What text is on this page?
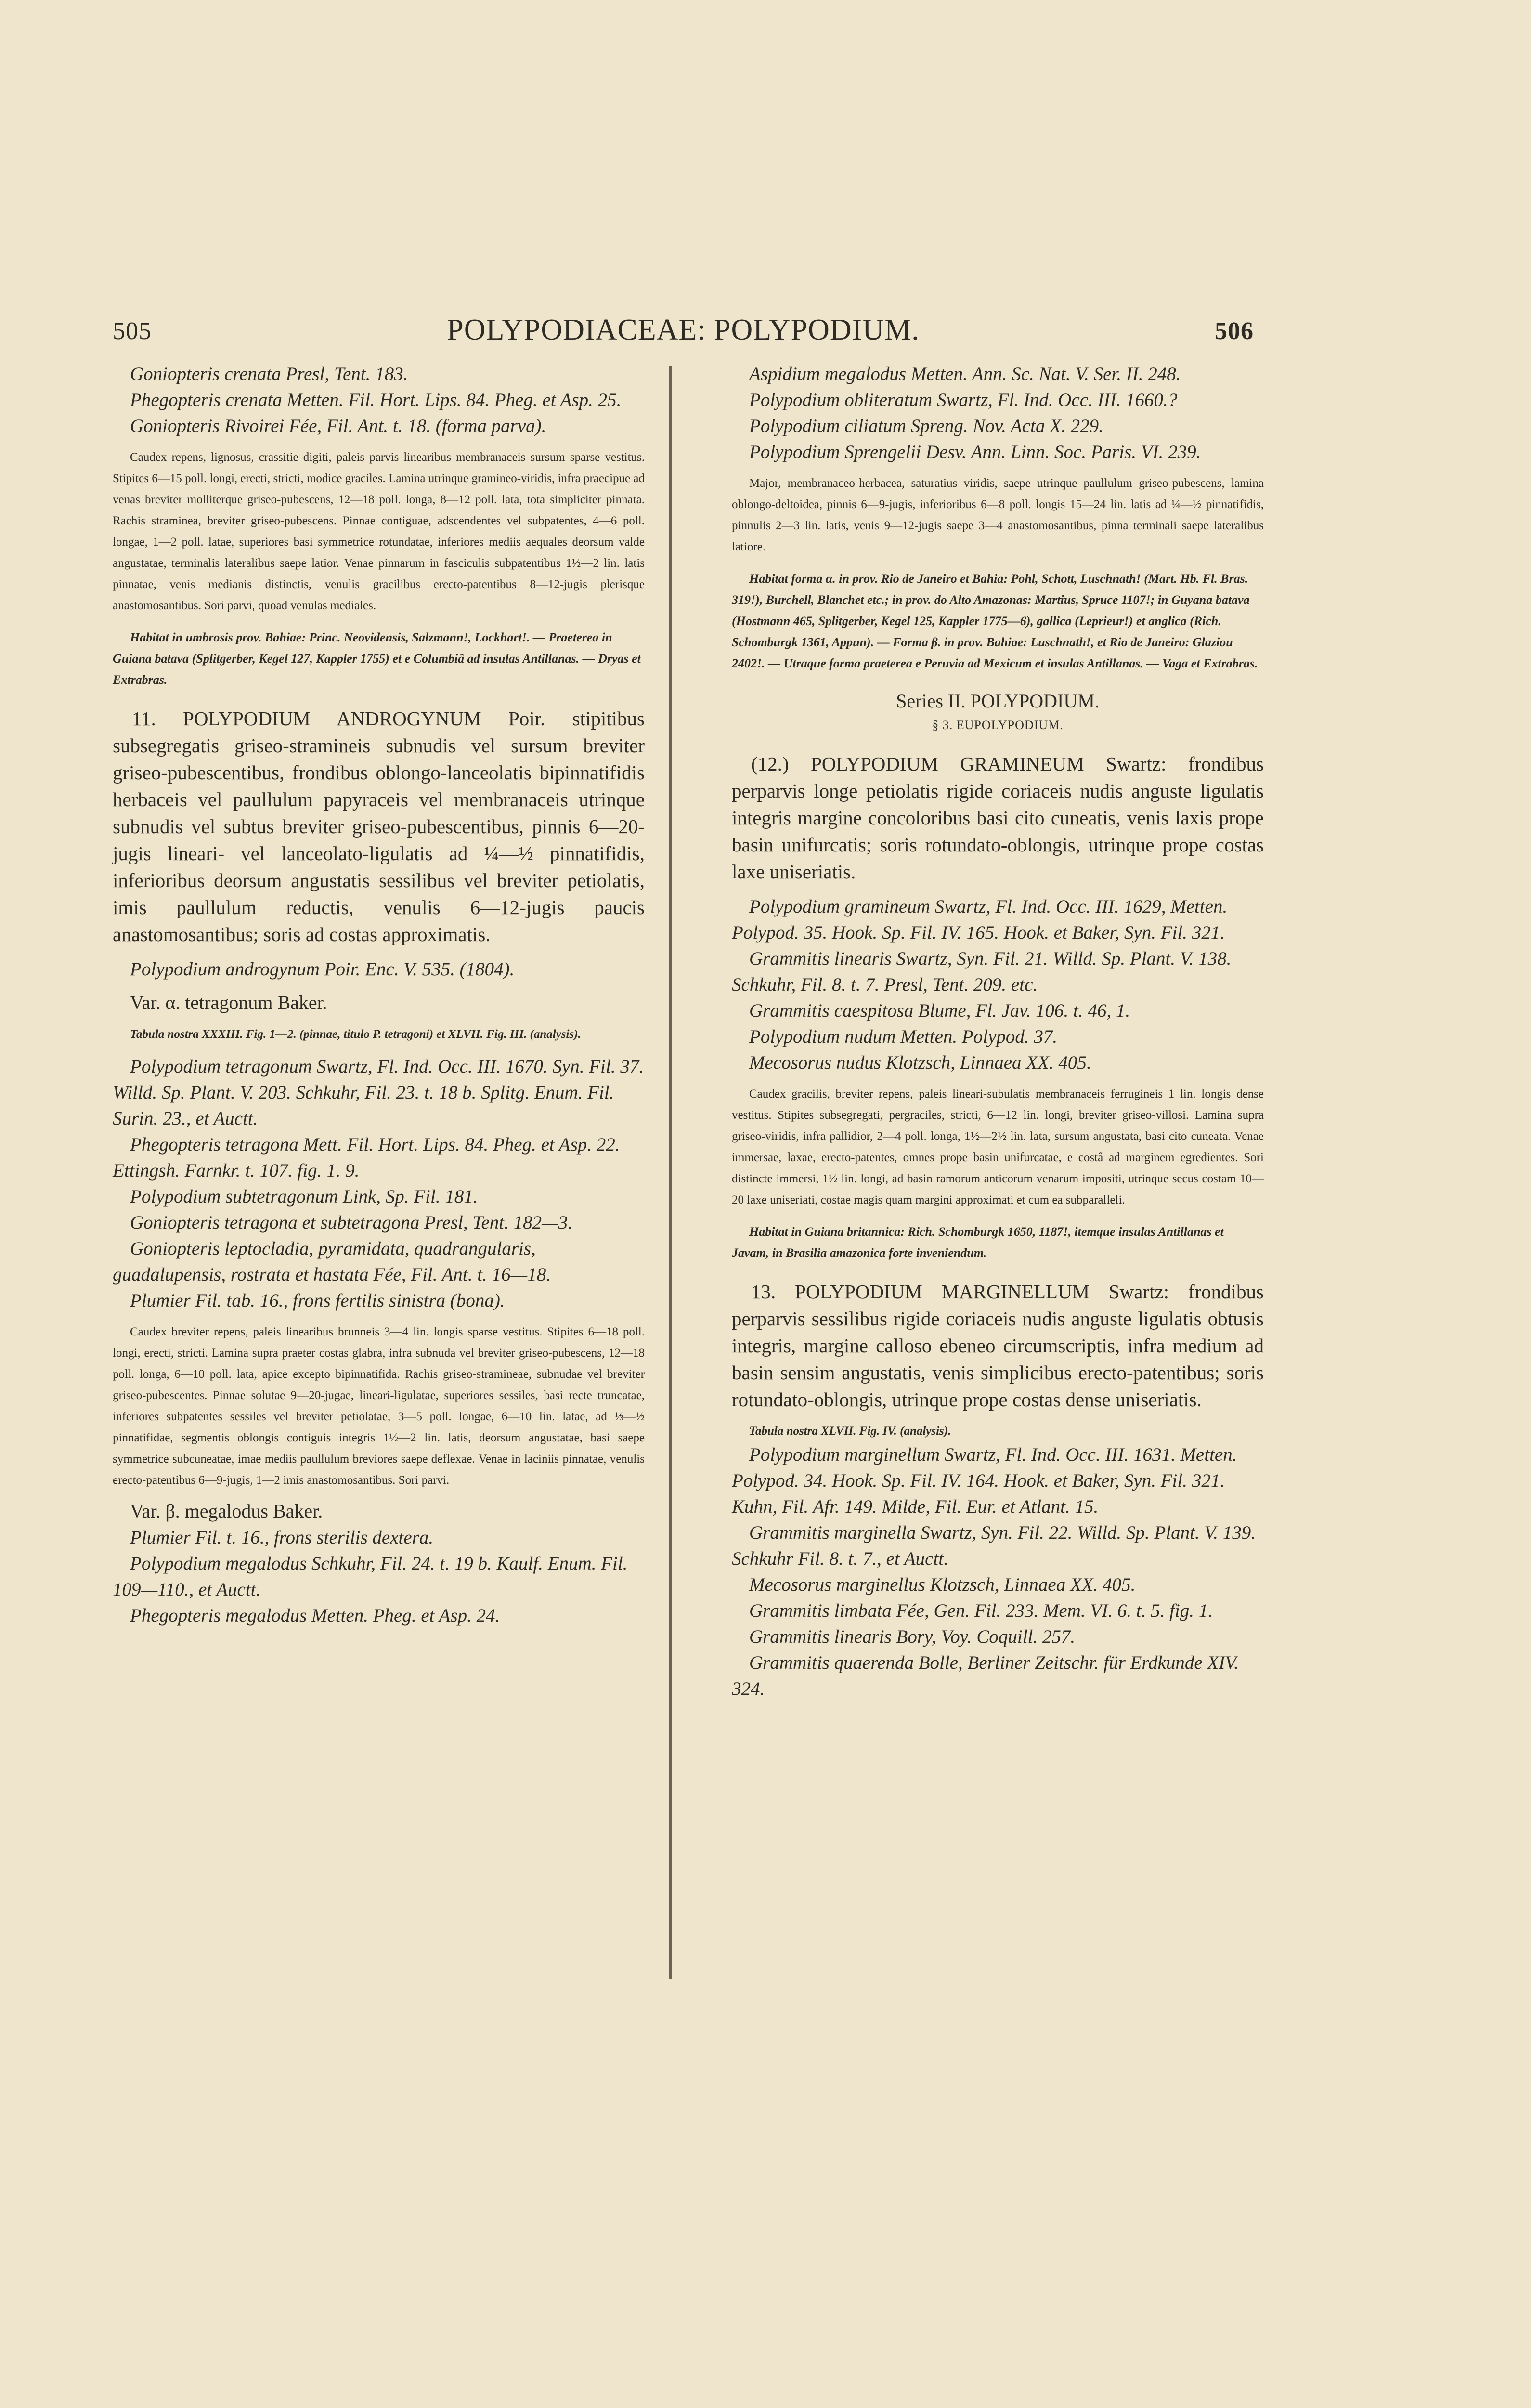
505	POLYPODIACEAE: POLYPODIUM.	506

Goniopteris crenata Presl, Tent. 183.

Phegopteris crenata Metten. Fil. Hort. Lips. 84. Pheg. et Asp. 25.

Goniopteris Rivoirei Fée, Fil. Ant. t. 18. (forma parva).

Caudex repens, lignosus, crassitie digiti, paleis parvis linearibus membranaceis sursum sparse vestitus. Stipites 6—15 poll. longi, erecti, stricti, modice graciles. Lamina utrinque gramineo-viridis, infra praecipue ad venas breviter molliterque griseo-pubescens, 12—18 poll. longa, 8—12 poll. lata, tota simpliciter pinnata. Rachis straminea, breviter griseo-pubescens. Pinnae contiguae, adscendentes vel subpatentes, 4—6 poll. longae, 1—2 poll. latae, superiores basi symmetrice rotundatae, inferiores mediis aequales deorsum valde angustatae, terminalis lateralibus saepe latior. Venae pinnarum in fasciculis subpatentibus 1½—2 lin. latis pinnatae, venis medianis distinctis, venulis gracilibus erecto-patentibus 8—12-jugis plerisque anastomosantibus. Sori parvi, quoad venulas mediales.

Habitat in umbrosis prov. Bahiae: Princ. Neovidensis, Salzmann!, Lockhart!. — Praeterea in Guiana batava (Splitgerber, Kegel 127, Kappler 1755) et e Columbiâ ad insulas Antillanas. — Dryas et Extrabras.

11. POLYPODIUM ANDROGYNUM Poir. stipitibus subsegregatis griseo-stramineis subnudis vel sursum breviter griseo-pubescentibus, frondibus oblongo-lanceolatis bipinnatifidis herbaceis vel paullulum papyraceis vel membranaceis utrinque subnudis vel subtus breviter griseo-pubescentibus, pinnis 6—20-jugis lineari- vel lanceolato-ligulatis ad ¼—½ pinnatifidis, inferioribus deorsum angustatis sessilibus vel breviter petiolatis, imis paullulum reductis, venulis 6—12-jugis paucis anastomosantibus; soris ad costas approximatis.

Polypodium androgynum Poir. Enc. V. 535. (1804).

Var. α. tetragonum Baker.

Tabula nostra XXXIII. Fig. 1—2. (pinnae, titulo P. tetragoni) et XLVII. Fig. III. (analysis).

Polypodium tetragonum Swartz, Fl. Ind. Occ. III. 1670. Syn. Fil. 37. Willd. Sp. Plant. V. 203. Schkuhr, Fil. 23. t. 18 b. Splitg. Enum. Fil. Surin. 23., et Auctt.

Phegopteris tetragona Mett. Fil. Hort. Lips. 84. Pheg. et Asp. 22. Ettingsh. Farnkr. t. 107. fig. 1. 9.

Polypodium subtetragonum Link, Sp. Fil. 181.

Goniopteris tetragona et subtetragona Presl, Tent. 182—3.

Goniopteris leptocladia, pyramidata, quadrangularis, guadalupensis, rostrata et hastata Fée, Fil. Ant. t. 16—18.

Plumier Fil. tab. 16., frons fertilis sinistra (bona).

Caudex breviter repens, paleis linearibus brunneis 3—4 lin. longis sparse vestitus. Stipites 6—18 poll. longi, erecti, stricti. Lamina supra praeter costas glabra, infra subnuda vel breviter griseo-pubescens, 12—18 poll. longa, 6—10 poll. lata, apice excepto bipinnatifida. Rachis griseo-stramineae, subnudae vel breviter griseo-pubescentes. Pinnae solutae 9—20-jugae, lineari-ligulatae, superiores sessiles, basi recte truncatae, inferiores subpatentes sessiles vel breviter petiolatae, 3—5 poll. longae, 6—10 lin. latae, ad ⅓—½ pinnatifidae, segmentis oblongis contiguis integris 1½—2 lin. latis, deorsum angustatae, basi saepe symmetrice subcuneatae, imae mediis paullulum breviores saepe deflexae. Venae in laciniis pinnatae, venulis erecto-patentibus 6—9-jugis, 1—2 imis anastomosantibus. Sori parvi.

Var. β. megalodus Baker.

Plumier Fil. t. 16., frons sterilis dextera.

Polypodium megalodus Schkuhr, Fil. 24. t. 19 b. Kaulf. Enum. Fil. 109—110., et Auctt.

Phegopteris megalodus Metten. Pheg. et Asp. 24.

Aspidium megalodus Metten. Ann. Sc. Nat. V. Ser. II. 248.

Polypodium obliteratum Swartz, Fl. Ind. Occ. III. 1660.?

Polypodium ciliatum Spreng. Nov. Acta X. 229.

Polypodium Sprengelii Desv. Ann. Linn. Soc. Paris. VI. 239.

Major, membranaceo-herbacea, saturatius viridis, saepe utrinque paullulum griseo-pubescens, lamina oblongo-deltoidea, pinnis 6—9-jugis, inferioribus 6—8 poll. longis 15—24 lin. latis ad ¼—½ pinnatifidis, pinnulis 2—3 lin. latis, venis 9—12-jugis saepe 3—4 anastomosantibus, pinna terminali saepe lateralibus latiore.

Habitat forma α. in prov. Rio de Janeiro et Bahia: Pohl, Schott, Luschnath! (Mart. Hb. Fl. Bras. 319!), Burchell, Blanchet etc.; in prov. do Alto Amazonas: Martius, Spruce 1107!; in Guyana batava (Hostmann 465, Splitgerber, Kegel 125, Kappler 1775—6), gallica (Leprieur!) et anglica (Rich. Schomburgk 1361, Appun). — Forma β. in prov. Bahiae: Luschnath!, et Rio de Janeiro: Glaziou 2402!. — Utraque forma praeterea e Peruvia ad Mexicum et insulas Antillanas. — Vaga et Extrabras.

Series II. POLYPODIUM.

§ 3. EUPOLYPODIUM.

(12.) POLYPODIUM GRAMINEUM Swartz: frondibus perparvis longe petiolatis rigide coriaceis nudis anguste ligulatis integris margine concoloribus basi cito cuneatis, venis laxis prope basin unifurcatis; soris rotundato-oblongis, utrinque prope costas laxe uniseriatis.

Polypodium gramineum Swartz, Fl. Ind. Occ. III. 1629, Metten. Polypod. 35. Hook. Sp. Fil. IV. 165. Hook. et Baker, Syn. Fil. 321.

Grammitis linearis Swartz, Syn. Fil. 21. Willd. Sp. Plant. V. 138. Schkuhr, Fil. 8. t. 7. Presl, Tent. 209. etc.

Grammitis caespitosa Blume, Fl. Jav. 106. t. 46, 1.

Polypodium nudum Metten. Polypod. 37.

Mecosorus nudus Klotzsch, Linnaea XX. 405.

Caudex gracilis, breviter repens, paleis lineari-subulatis membranaceis ferrugineis 1 lin. longis dense vestitus. Stipites subsegregati, pergraciles, stricti, 6—12 lin. longi, breviter griseo-villosi. Lamina supra griseo-viridis, infra pallidior, 2—4 poll. longa, 1½—2½ lin. lata, sursum angustata, basi cito cuneata. Venae immersae, laxae, erecto-patentes, omnes prope basin unifurcatae, e costâ ad marginem egredientes. Sori distincte immersi, 1½ lin. longi, ad basin ramorum anticorum venarum impositi, utrinque secus costam 10—20 laxe uniseriati, costae magis quam margini approximati et cum ea subparalleli.

Habitat in Guiana britannica: Rich. Schomburgk 1650, 1187!, itemque insulas Antillanas et Javam, in Brasilia amazonica forte inveniendum.

13. POLYPODIUM MARGINELLUM Swartz: frondibus perparvis sessilibus rigide coriaceis nudis anguste ligulatis obtusis integris, margine calloso ebeneo circumscriptis, infra medium ad basin sensim angustatis, venis simplicibus erecto-patentibus; soris rotundato-oblongis, utrinque prope costas dense uniseriatis.

Tabula nostra XLVII. Fig. IV. (analysis).

Polypodium marginellum Swartz, Fl. Ind. Occ. III. 1631. Metten. Polypod. 34. Hook. Sp. Fil. IV. 164. Hook. et Baker, Syn. Fil. 321. Kuhn, Fil. Afr. 149. Milde, Fil. Eur. et Atlant. 15.

Grammitis marginella Swartz, Syn. Fil. 22. Willd. Sp. Plant. V. 139. Schkuhr Fil. 8. t. 7., et Auctt.

Mecosorus marginellus Klotzsch, Linnaea XX. 405.

Grammitis limbata Fée, Gen. Fil. 233. Mem. VI. 6. t. 5. fig. 1.

Grammitis linearis Bory, Voy. Coquill. 257.

Grammitis quaerenda Bolle, Berliner Zeitschr. für Erdkunde XIV. 324.
